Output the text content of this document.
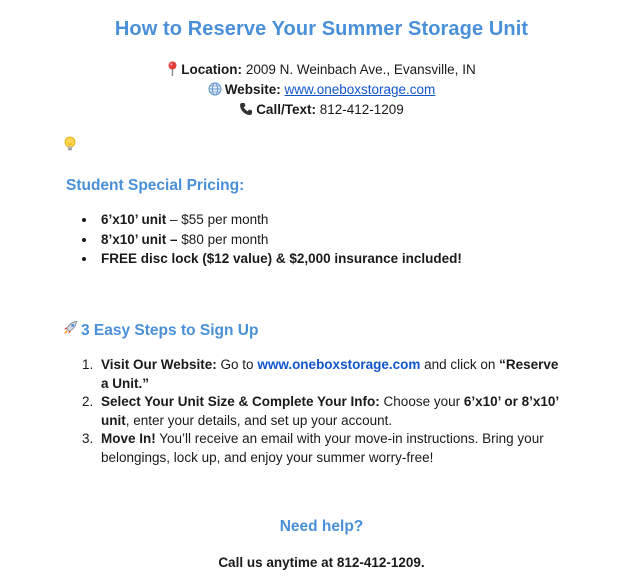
How to Reserve Your Summer Storage Unit
Location: 2009 N. Weinbach Ave., Evansville, IN
Website: www.oneboxstorage.com
Call/Text: 812-412-1209
Student Special Pricing:
6’x10’ unit – $55 per month
8’x10’ unit – $80 per month
FREE disc lock ($12 value) & $2,000 insurance included!
3 Easy Steps to Sign Up
1. Visit Our Website: Go to www.oneboxstorage.com and click on “Reserve a Unit.”
2. Select Your Unit Size & Complete Your Info: Choose your 6’x10’ or 8’x10’ unit, enter your details, and set up your account.
3. Move In! You’ll receive an email with your move-in instructions. Bring your belongings, lock up, and enjoy your summer worry-free!
Need help?
Call us anytime at 812-412-1209.
